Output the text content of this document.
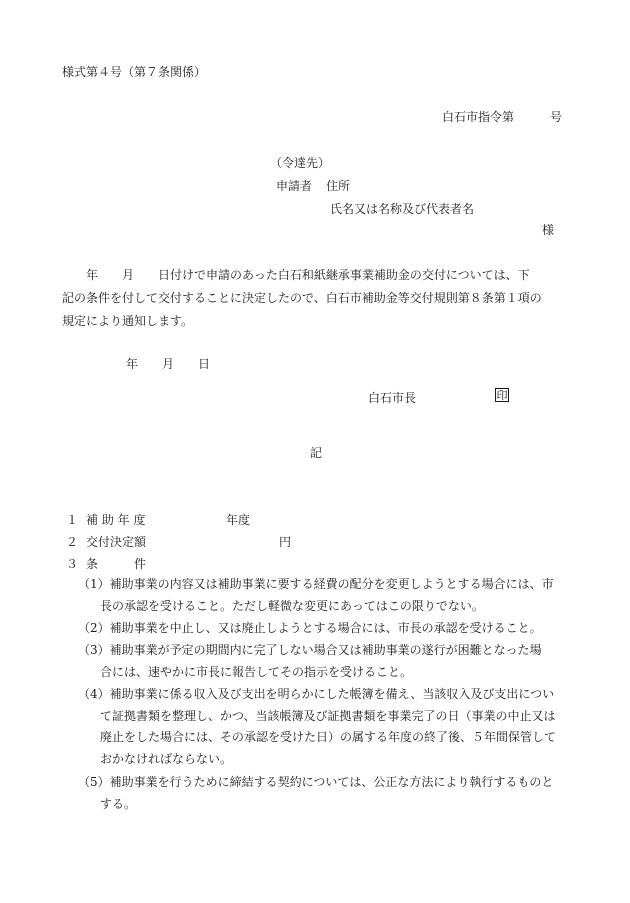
様式第４号（第７条関係）
白石市指令第　　　号
（令達先）
申請者 住所
氏名又は名称及び代表者名
様
　　年　　月　　日付けで申請のあった白石和紙継承事業補助金の交付については、下
記の条件を付して交付することに決定したので、白石市補助金等交付規則第８条第１項の
規定により通知します。
年　　月　　日
白石市長	印
記
１ 補 助 年 度	年度
２ 交付決定額	円
３ 条　　　件
（1）補助事業の内容又は補助事業に要する経費の配分を変更しようとする場合には、市
長の承認を受けること。ただし軽微な変更にあってはこの限りでない。
（2）補助事業を中止し、又は廃止しようとする場合には、市長の承認を受けること。
（3）補助事業が予定の期間内に完了しない場合又は補助事業の遂行が困難となった場
合には、速やかに市長に報告してその指示を受けること。
（4）補助事業に係る収入及び支出を明らかにした帳簿を備え、当該収入及び支出につい
て証拠書類を整理し、かつ、当該帳簿及び証拠書類を事業完了の日（事業の中止又は
廃止をした場合には、その承認を受けた日）の属する年度の終了後、５年間保管して
おかなければならない。
（5）補助事業を行うために締結する契約については、公正な方法により執行するものと
する。
